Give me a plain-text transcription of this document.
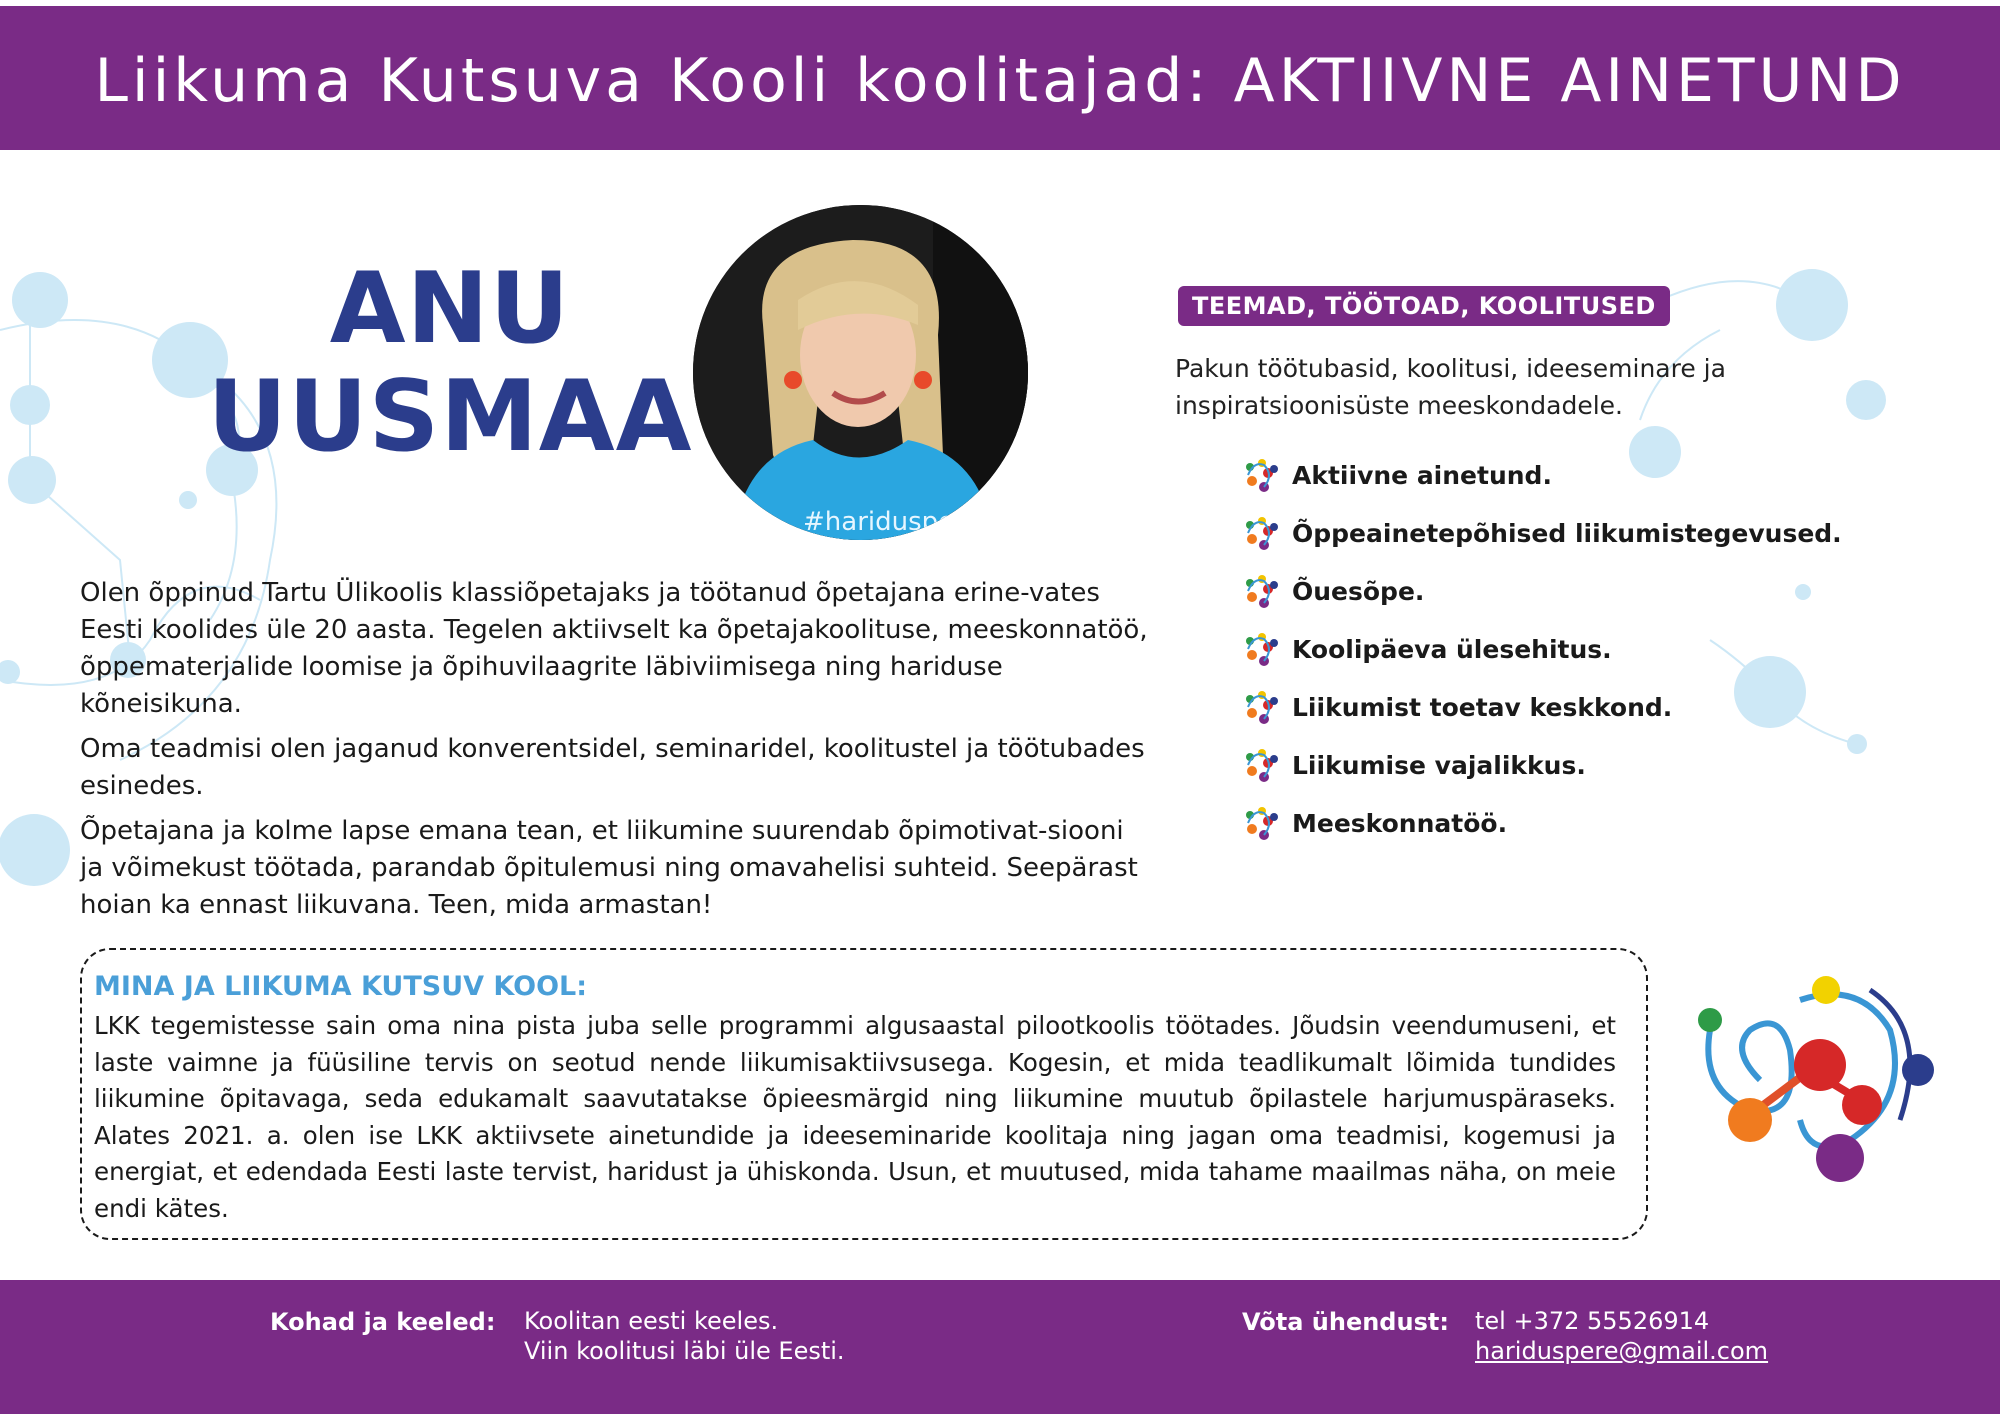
Liikuma Kutsuva Kooli koolitajad: AKTIIVNE AINETUND
ANU
UUSMAA
#hariduspere

Olen õppinud Tartu Ülikoolis klassiõpetajaks ja töötanud õpetajana erine-vates Eesti koolides üle 20 aasta. Tegelen aktiivselt ka õpetajakoolituse, meeskonnatöö, õppematerjalide loomise ja õpihuvilaagrite läbiviimisega ning hariduse kõneisikuna.

Oma teadmisi olen jaganud konverentsidel, seminaridel, koolitustel ja töötubades esinedes.

Õpetajana ja kolme lapse emana tean, et liikumine suurendab õpimotivat-siooni ja võimekust töötada, parandab õpitulemusi ning omavahelisi suhteid. Seepärast hoian ka ennast liikuvana. Teen, mida armastan!

TEEMAD, TÖÖTOAD, KOOLITUSED
Pakun töötubasid, koolitusi, ideeseminare ja inspiratsioonisüste meeskondadele.
Aktiivne ainetund.
Õppeainetepõhised liikumistegevused.
Õuesõpe.
Koolipäeva ülesehitus.
Liikumist toetav keskkond.
Liikumise vajalikkus.
Meeskonnatöö.
MINA JA LIIKUMA KUTSUV KOOL:
LKK tegemistesse sain oma nina pista juba selle programmi algusaastal pilootkoolis töötades. Jõudsin veendumuseni, et laste vaimne ja füüsiline tervis on seotud nende liikumisaktiivsusega. Kogesin, et mida teadlikumalt lõimida tundides liikumine õpitavaga, seda edukamalt saavutatakse õpieesmärgid ning liikumine muutub õpilastele harjumuspäraseks. Alates 2021. a. olen ise LKK aktiivsete ainetundide ja ideeseminaride koolitaja ning jagan oma teadmisi, kogemusi ja energiat, et edendada Eesti laste tervist, haridust ja ühiskonda. Usun, et muutused, mida tahame maailmas näha, on meie endi kätes.
Kohad ja keeled: Koolitan eesti keeles.
Viin koolitusi läbi üle Eesti.
Võta ühendust: tel +372 55526914
hariduspere@gmail.com
